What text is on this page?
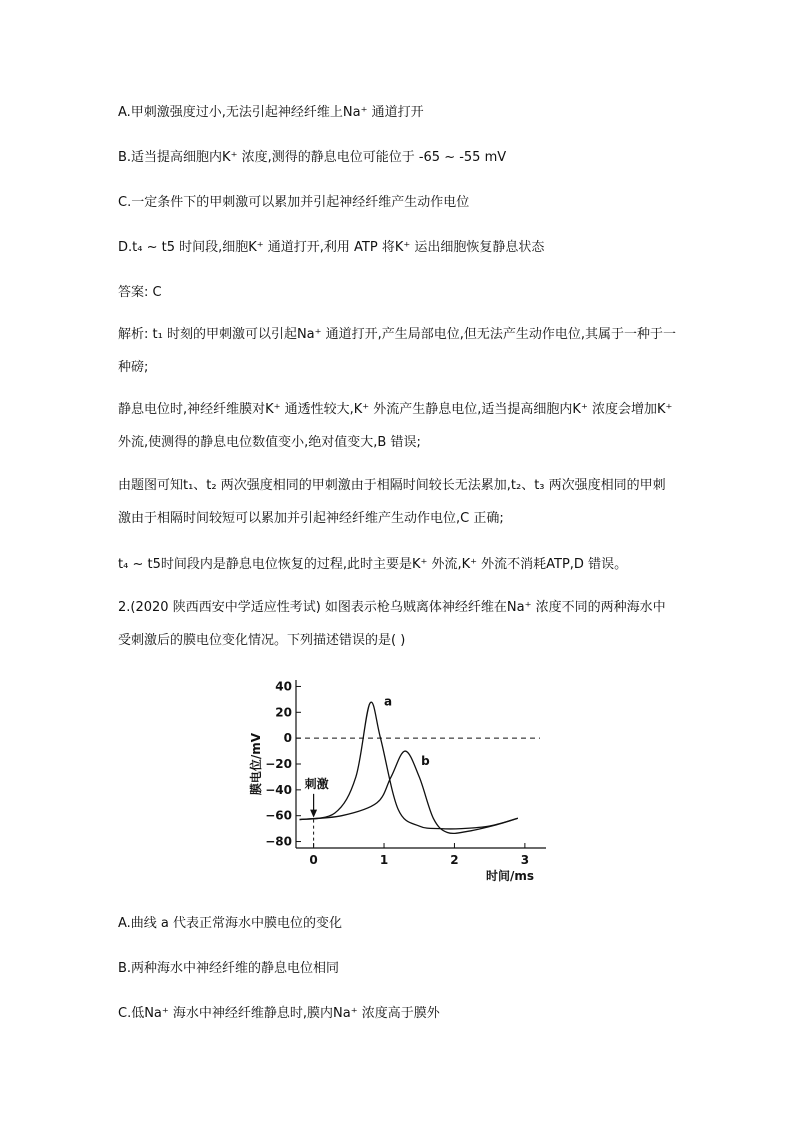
A.甲刺激强度过小,无法引起神经纤维上Na⁺ 通道打开
B.适当提高细胞内K⁺ 浓度,测得的静息电位可能位于 -65 ~ -55 mV
C.一定条件下的甲刺激可以累加并引起神经纤维产生动作电位
D.t₄ ~ t5 时间段,细胞K⁺ 通道打开,利用 ATP 将K⁺ 运出细胞恢复静息状态
答案: C
解析: t₁ 时刻的甲刺激可以引起Na⁺ 通道打开,产生局部电位,但无法产生动作电位,其属于一种于一种磅;
静息电位时,神经纤维膜对K⁺ 通透性较大,K⁺ 外流产生静息电位,适当提高细胞内K⁺ 浓度会增加K⁺ 外流,使测得的静息电位数值变小,绝对值变大,B 错误;
由题图可知t₁、t₂ 两次强度相同的甲刺激由于相隔时间较长无法累加,t₂、t₃ 两次强度相同的甲刺激由于相隔时间较短可以累加并引起神经纤维产生动作电位,C 正确;
t₄ ~ t5时间段内是静息电位恢复的过程,此时主要是K⁺ 外流,K⁺ 外流不消耗ATP,D 错误。
2.(2020 陕西西安中学适应性考试) 如图表示枪乌贼离体神经纤维在Na⁺ 浓度不同的两种海水中受刺激后的膜电位变化情况。下列描述错误的是( )
40
20
0
−20
−40
−60
−80
0	1	2	3
a
b
刺激
膜电位/mV
时间/ms
A.曲线 a 代表正常海水中膜电位的变化
B.两种海水中神经纤维的静息电位相同
C.低Na⁺ 海水中神经纤维静息时,膜内Na⁺ 浓度高于膜外
